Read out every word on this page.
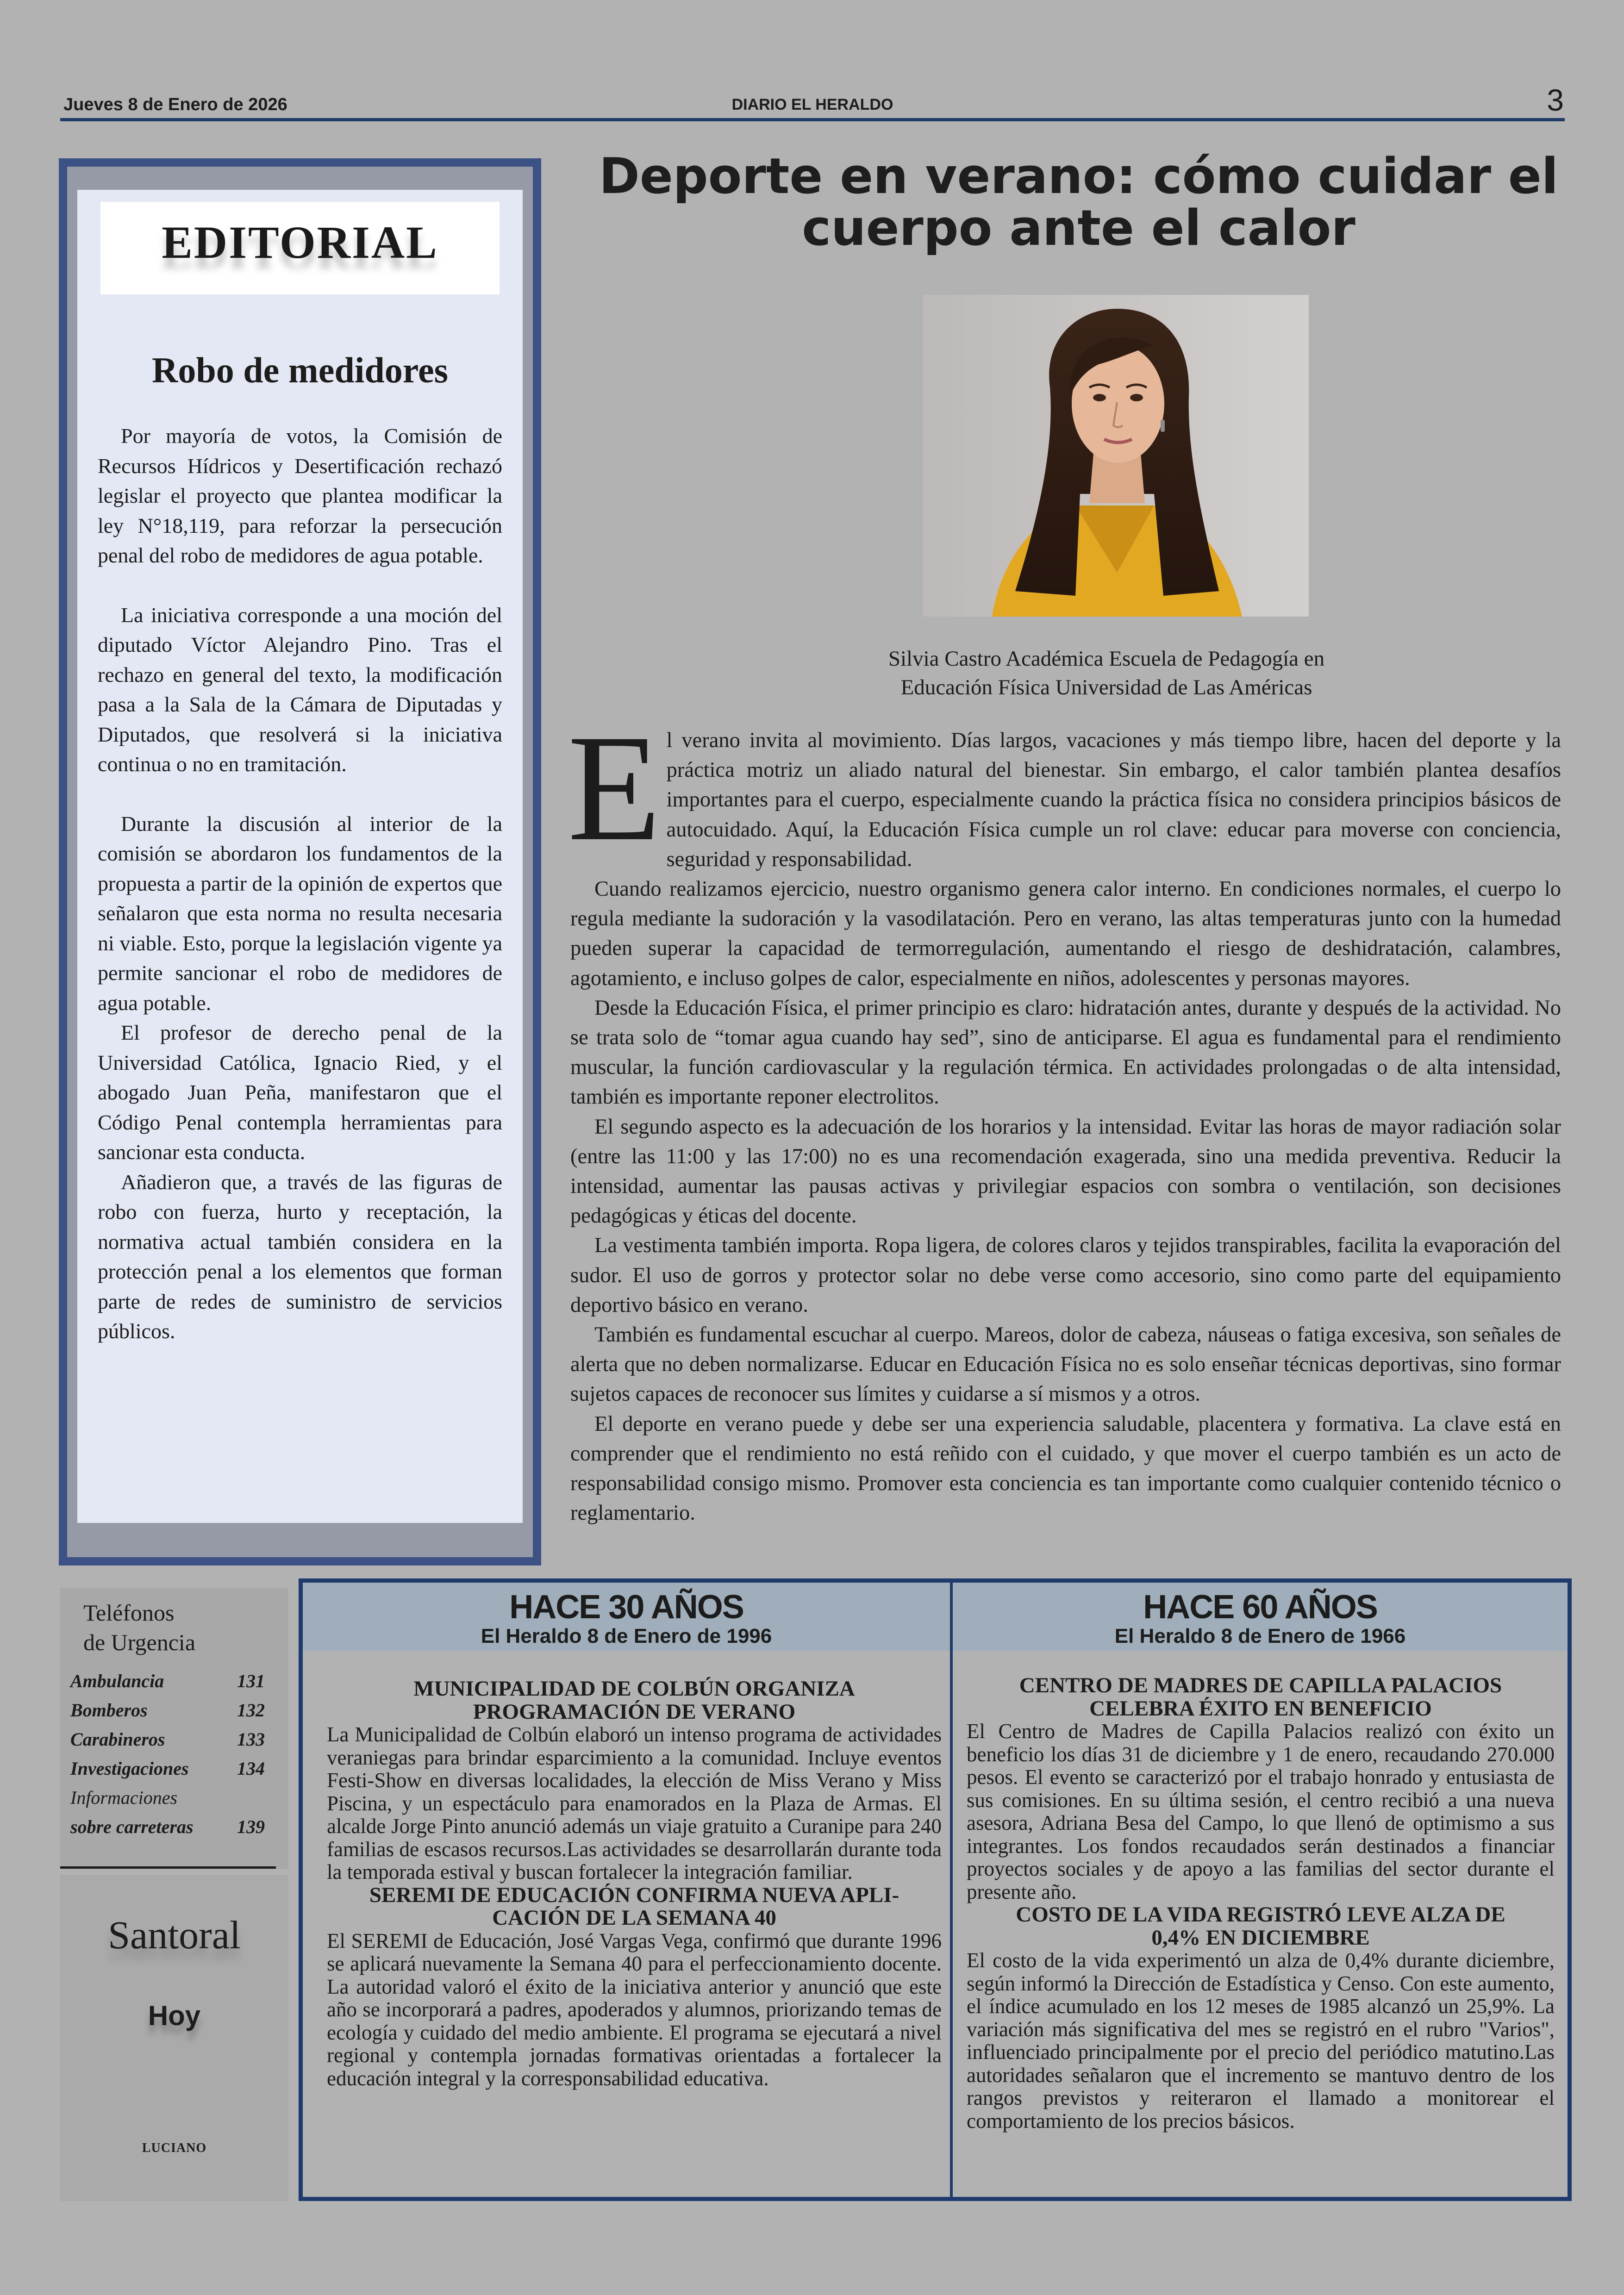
Jueves 8 de Enero de 2026	DIARIO EL HERALDO	3
EDITORIAL
Robo de medidores

Por mayoría de votos, la Comisión de Recursos Hídricos y Desertificación rechazó legislar el proyecto que plantea modificar la ley N°18,119, para reforzar la persecución penal del robo de medidores de agua potable.

La iniciativa corresponde a una moción del diputado Víctor Alejandro Pino. Tras el rechazo en general del texto, la modificación pasa a la Sala de la Cámara de Diputadas y Diputados, que resolverá si la iniciativa continua o no en tramitación.

Durante la discusión al interior de la comisión se abordaron los fundamentos de la propuesta a partir de la opinión de expertos que señalaron que esta norma no resulta necesaria ni viable. Esto, porque la legislación vigente ya permite sancionar el robo de medidores de agua potable.

El profesor de derecho penal de la Universidad Católica, Ignacio Ried, y el abogado Juan Peña, manifestaron que el Código Penal contempla herramientas para sancionar esta conducta.

Añadieron que, a través de las figuras de robo con fuerza, hurto y receptación, la normativa actual también considera en la protección penal a los elementos que forman parte de redes de suministro de servicios públicos.

Deporte en verano: cómo cuidar el cuerpo ante el calor
Silvia Castro Académica Escuela de Pedagogía en
Educación Física Universidad de Las Américas

El verano invita al movimiento. Días largos, vacaciones y más tiempo libre, hacen del deporte y la práctica motriz un aliado natural del bienestar. Sin embargo, el calor también plantea desafíos importantes para el cuerpo, especialmente cuando la práctica física no considera principios básicos de autocuidado. Aquí, la Educación Física cumple un rol clave: educar para moverse con conciencia, seguridad y responsabilidad.

Cuando realizamos ejercicio, nuestro organismo genera calor interno. En condiciones normales, el cuerpo lo regula mediante la sudoración y la vasodilatación. Pero en verano, las altas temperaturas junto con la humedad pueden superar la capacidad de termorregulación, aumentando el riesgo de deshidratación, calambres, agotamiento, e incluso golpes de calor, especialmente en niños, adolescentes y personas mayores.

Desde la Educación Física, el primer principio es claro: hidratación antes, durante y después de la actividad. No se trata solo de “tomar agua cuando hay sed”, sino de anticiparse. El agua es fundamental para el rendimiento muscular, la función cardiovascular y la regulación térmica. En actividades prolongadas o de alta intensidad, también es importante reponer electrolitos.

El segundo aspecto es la adecuación de los horarios y la intensidad. Evitar las horas de mayor radiación solar (entre las 11:00 y las 17:00) no es una recomendación exagerada, sino una medida preventiva. Reducir la intensidad, aumentar las pausas activas y privilegiar espacios con sombra o ventilación, son decisiones pedagógicas y éticas del docente.

La vestimenta también importa. Ropa ligera, de colores claros y tejidos transpirables, facilita la evaporación del sudor. El uso de gorros y protector solar no debe verse como accesorio, sino como parte del equipamiento deportivo básico en verano.

También es fundamental escuchar al cuerpo. Mareos, dolor de cabeza, náuseas o fatiga excesiva, son señales de alerta que no deben normalizarse. Educar en Educación Física no es solo enseñar técnicas deportivas, sino formar sujetos capaces de reconocer sus límites y cuidarse a sí mismos y a otros.

El deporte en verano puede y debe ser una experiencia saludable, placentera y formativa. La clave está en comprender que el rendimiento no está reñido con el cuidado, y que mover el cuerpo también es un acto de responsabilidad consigo mismo. Promover esta conciencia es tan importante como cualquier contenido técnico o reglamentario.

Teléfonos
de Urgencia
Ambulancia	131
Bomberos	132
Carabineros	133
Investigaciones	134
Informaciones
sobre carreteras 139
Santoral
Hoy
LUCIANO
HACE 30 AÑOS
El Heraldo 8 de Enero de 1996
MUNICIPALIDAD DE COLBÚN ORGANIZA
PROGRAMACIÓN DE VERANO

La Municipalidad de Colbún elaboró un intenso programa de actividades veraniegas para brindar esparcimiento a la comunidad. Incluye eventos Festi-Show en diversas localidades, la elección de Miss Verano y Miss Piscina, y un espectáculo para enamorados en la Plaza de Armas. El alcalde Jorge Pinto anunció además un viaje gratuito a Curanipe para 240 familias de escasos recursos.Las actividades se desarrollarán durante toda la temporada estival y buscan fortalecer la integración familiar.

SEREMI DE EDUCACIÓN CONFIRMA NUEVA APLI-
CACIÓN DE LA SEMANA 40

El SEREMI de Educación, José Vargas Vega, confirmó que durante 1996 se aplicará nuevamente la Semana 40 para el perfeccionamiento docente. La autoridad valoró el éxito de la iniciativa anterior y anunció que este año se incorporará a padres, apoderados y alumnos, priorizando temas de ecología y cuidado del medio ambiente. El programa se ejecutará a nivel regional y contempla jornadas formativas orientadas a fortalecer la educación integral y la corresponsabilidad educativa.

HACE 60 AÑOS
El Heraldo 8 de Enero de 1966
CENTRO DE MADRES DE CAPILLA PALACIOS
CELEBRA ÉXITO EN BENEFICIO

El Centro de Madres de Capilla Palacios realizó con éxito un beneficio los días 31 de diciembre y 1 de enero, recaudando 270.000 pesos. El evento se caracterizó por el trabajo honrado y entusiasta de sus comisiones. En su última sesión, el centro recibió a una nueva asesora, Adriana Besa del Campo, lo que llenó de optimismo a sus integrantes. Los fondos recaudados serán destinados a financiar proyectos sociales y de apoyo a las familias del sector durante el presente año.

COSTO DE LA VIDA REGISTRÓ LEVE ALZA DE
0,4% EN DICIEMBRE

El costo de la vida experimentó un alza de 0,4% durante diciembre, según informó la Dirección de Estadística y Censo. Con este aumento, el índice acumulado en los 12 meses de 1985 alcanzó un 25,9%. La variación más significativa del mes se registró en el rubro "Varios", influenciado principalmente por el precio del periódico matutino.Las autoridades señalaron que el incremento se mantuvo dentro de los rangos previstos y reiteraron el llamado a monitorear el comportamiento de los precios básicos.
